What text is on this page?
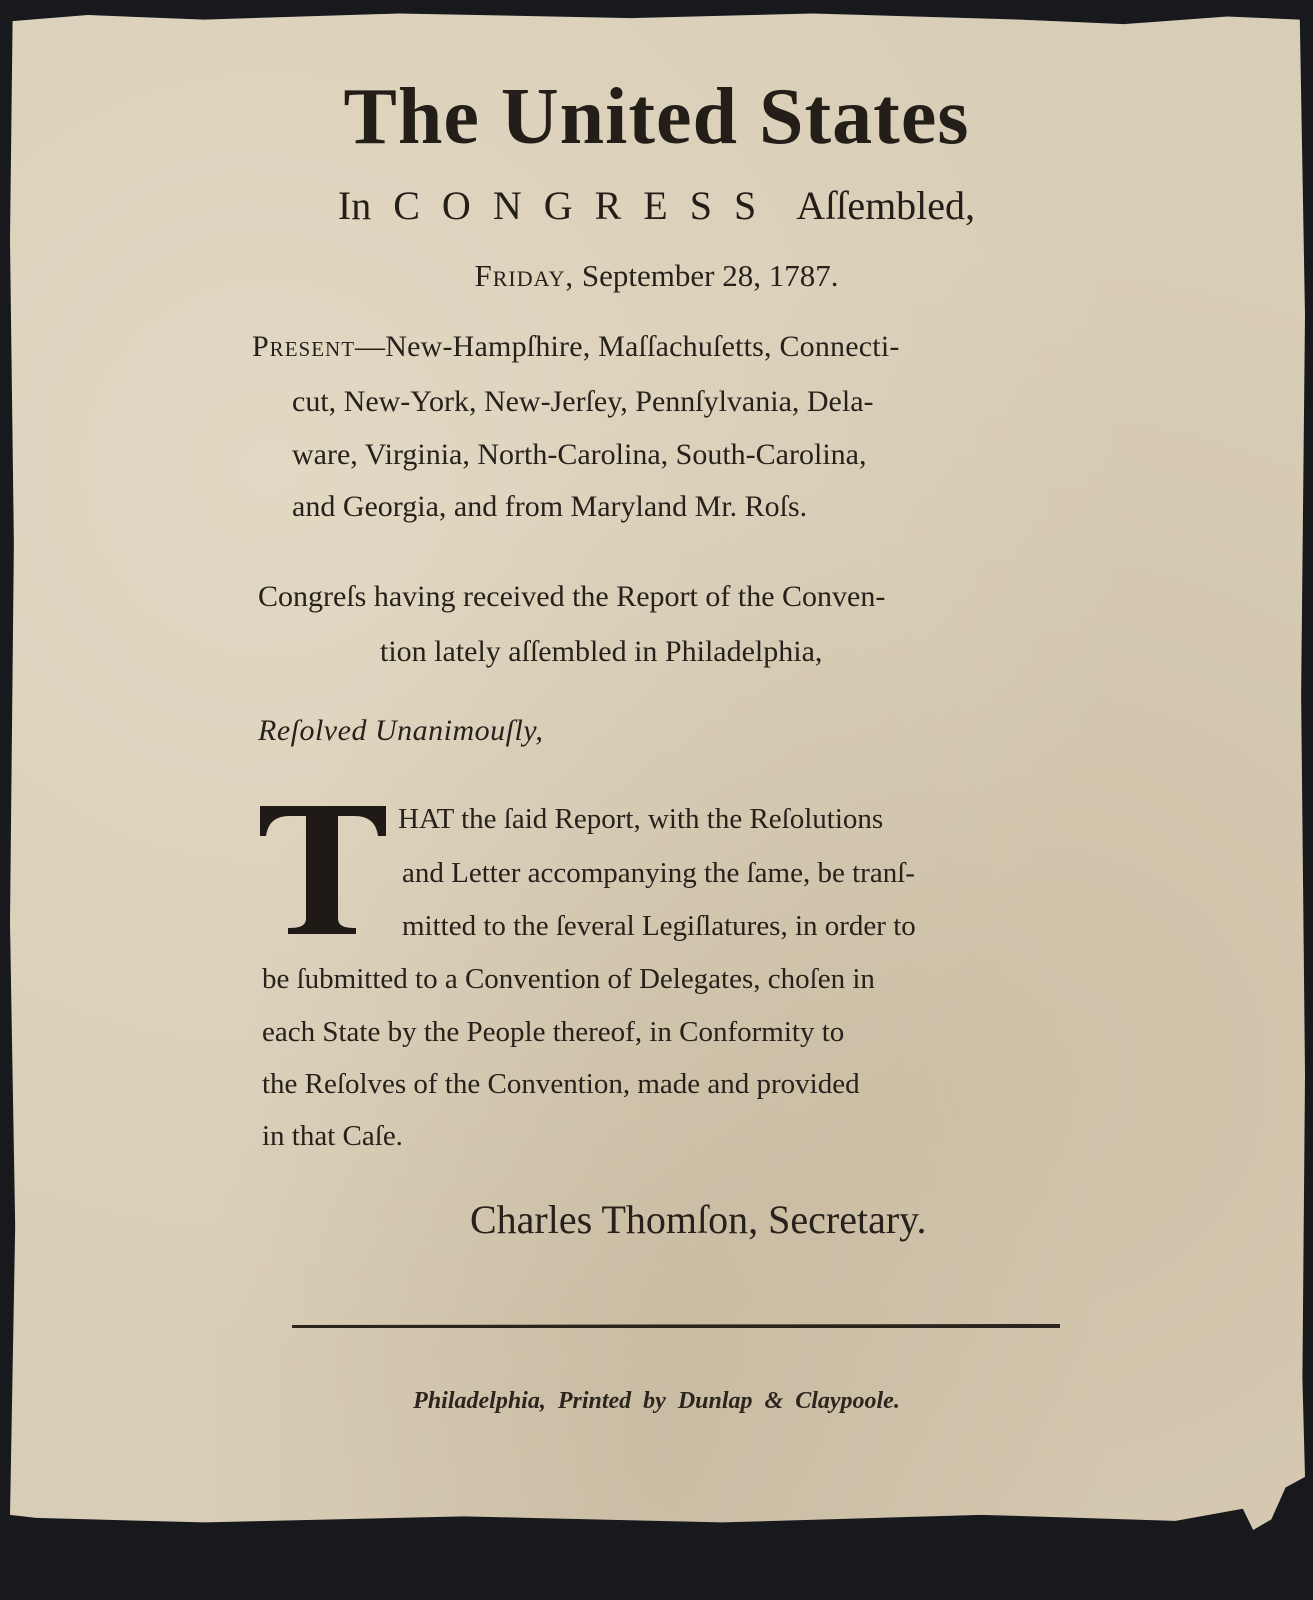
The United States
In CONGRESS Aſſembled,
Friday, September 28, 1787.
Present—New-Hampſhire, Maſſachuſetts, Connecti-
cut, New-York, New-Jerſey, Pennſylvania, Dela-
ware, Virginia, North-Carolina, South-Carolina,
and Georgia, and from Maryland Mr. Roſs.
Congreſs having received the Report of the Conven-
tion lately aſſembled in Philadelphia,
Reſolved Unanimouſly,
HAT the ſaid Report, with the Reſolutions
and Letter accompanying the ſame, be tranſ-
mitted to the ſeveral Legiſlatures, in order to
be ſubmitted to a Convention of Delegates, choſen in
each State by the People thereof, in Conformity to
the Reſolves of the Convention, made and provided
in that Caſe.
Charles Thomſon, Secretary.
Philadelphia, Printed by Dunlap & Claypoole.
